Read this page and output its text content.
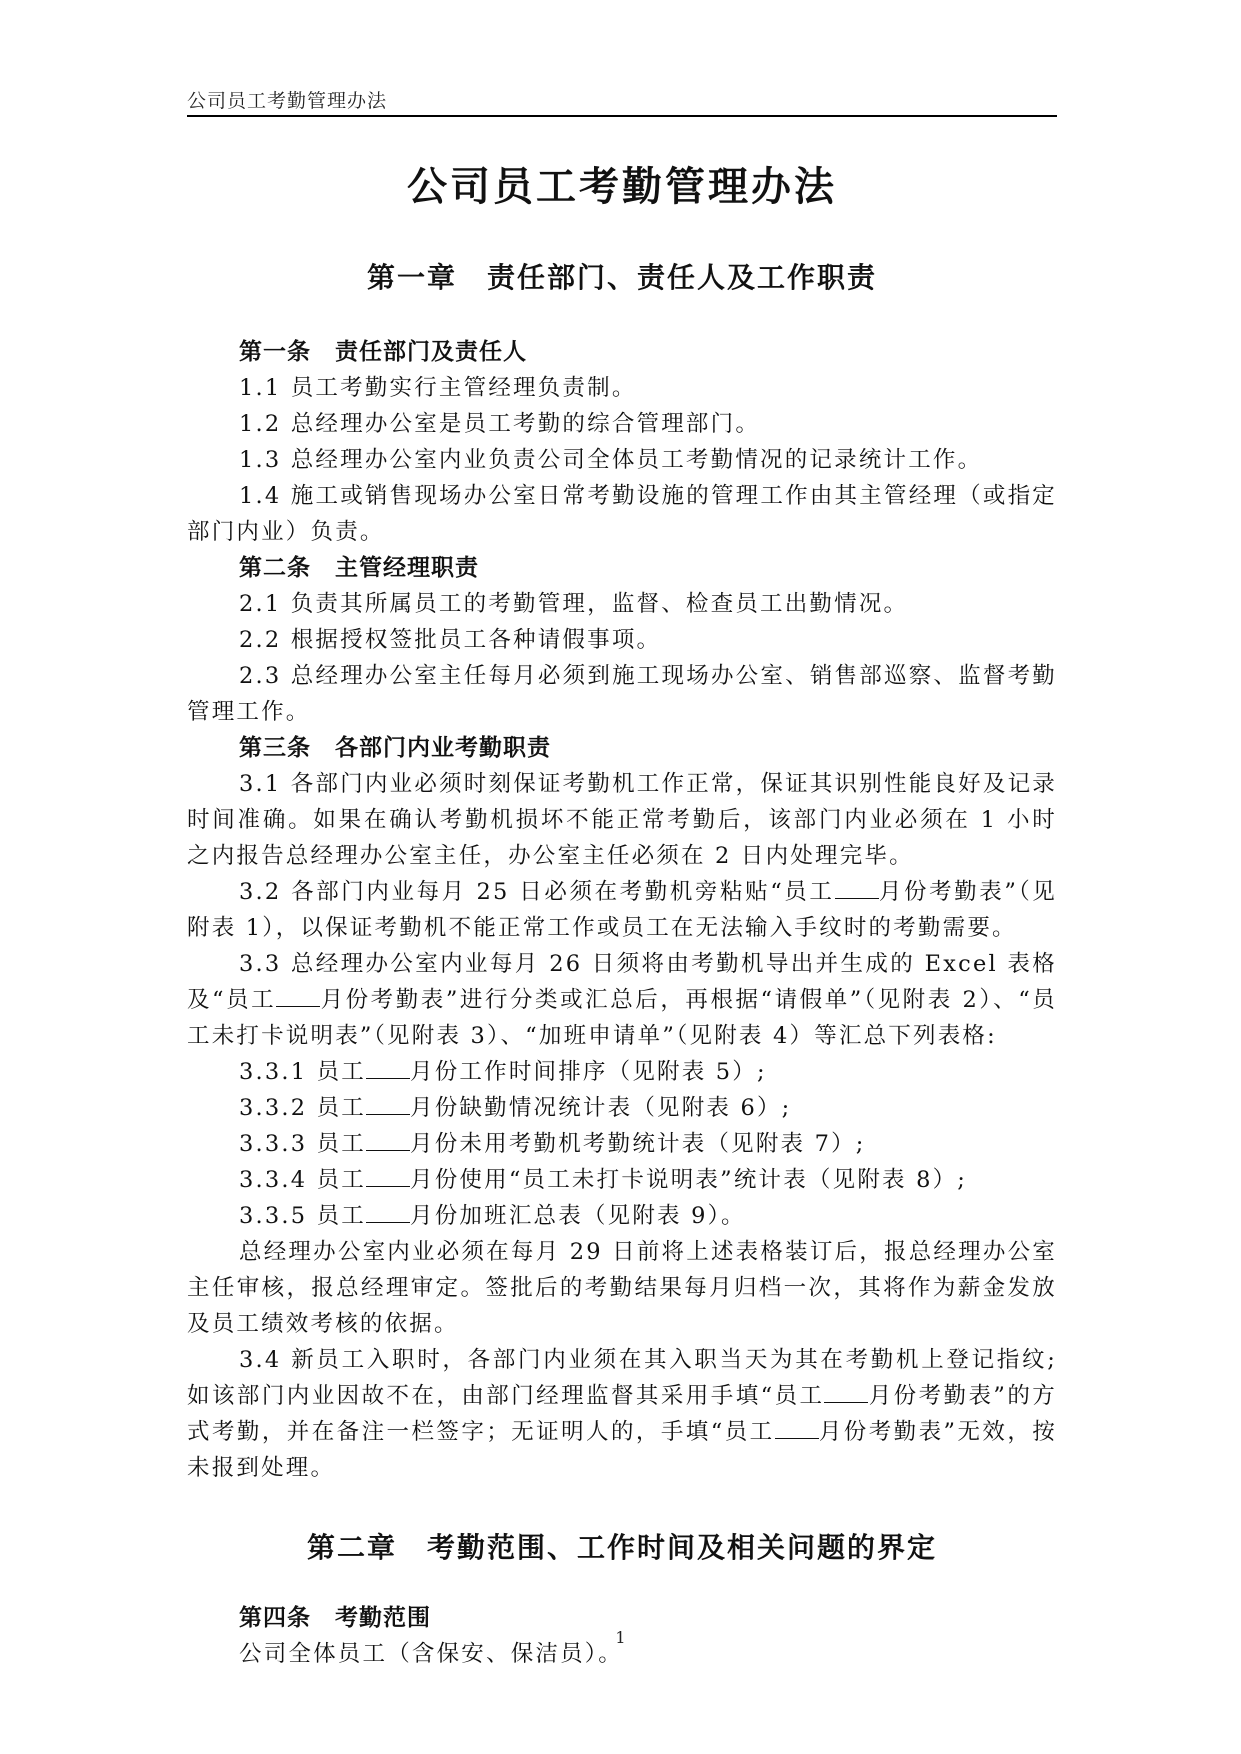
公司员工考勤管理办法
公司员工考勤管理办法
第一章　责任部门、责任人及工作职责
第一条　责任部门及责任人

1.1 员工考勤实行主管经理负责制。

1.2 总经理办公室是员工考勤的综合管理部门。

1.3 总经理办公室内业负责公司全体员工考勤情况的记录统计工作。

1.4 施工或销售现场办公室日常考勤设施的管理工作由其主管经理（或指定部门内业）负责。

第二条　主管经理职责

2.1 负责其所属员工的考勤管理，监督、检查员工出勤情况。

2.2 根据授权签批员工各种请假事项。

2.3 总经理办公室主任每月必须到施工现场办公室、销售部巡察、监督考勤管理工作。

第三条　各部门内业考勤职责

3.1 各部门内业必须时刻保证考勤机工作正常，保证其识别性能良好及记录时间准确。如果在确认考勤机损坏不能正常考勤后，该部门内业必须在 1 小时之内报告总经理办公室主任，办公室主任必须在 2 日内处理完毕。

3.2 各部门内业每月 25 日必须在考勤机旁粘贴“员工 月份考勤表”（见附表 1），以保证考勤机不能正常工作或员工在无法输入手纹时的考勤需要。

3.3 总经理办公室内业每月 26 日须将由考勤机导出并生成的 Excel 表格及“员工 月份考勤表”进行分类或汇总后，再根据“请假单”（见附表 2）、“员工未打卡说明表”（见附表 3）、“加班申请单”（见附表 4）等汇总下列表格:

3.3.1 员工 月份工作时间排序（见附表 5）;

3.3.2 员工 月份缺勤情况统计表（见附表 6）;

3.3.3 员工 月份未用考勤机考勤统计表（见附表 7）;

3.3.4 员工 月份使用“员工未打卡说明表”统计表（见附表 8）;

3.3.5 员工 月份加班汇总表（见附表 9）。

总经理办公室内业必须在每月 29 日前将上述表格装订后，报总经理办公室主任审核，报总经理审定。签批后的考勤结果每月归档一次，其将作为薪金发放及员工绩效考核的依据。

3.4 新员工入职时，各部门内业须在其入职当天为其在考勤机上登记指纹;如该部门内业因故不在，由部门经理监督其采用手填“员工 月份考勤表”的方式考勤，并在备注一栏签字；无证明人的，手填“员工 月份考勤表”无效，按未报到处理。

第二章　考勤范围、工作时间及相关问题的界定
第四条　考勤范围

公司全体员工（含保安、保洁员）。

1
